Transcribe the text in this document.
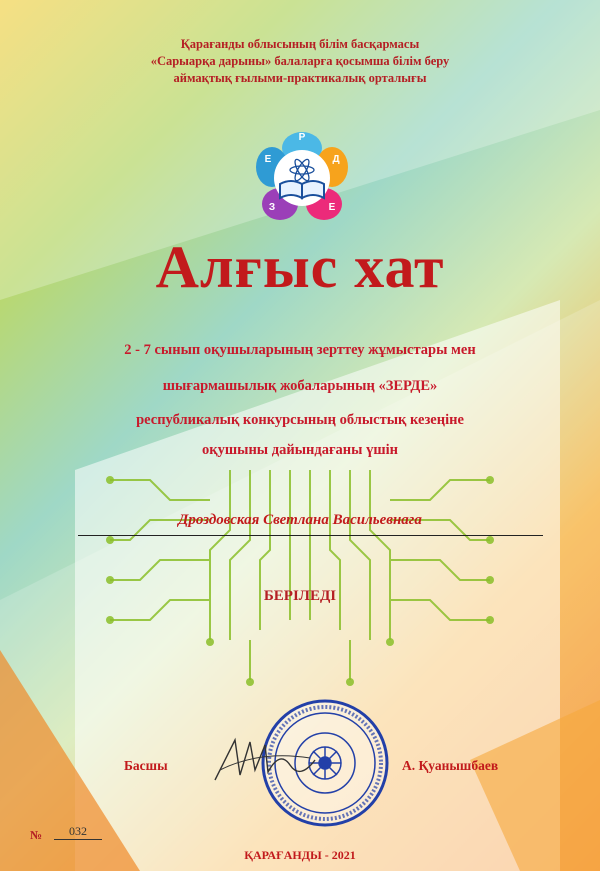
Қарағанды облысының білім басқармасы
«Сарыарқа дарыны» балаларға қосымша білім беру
аймақтық ғылыми-практикалық орталығы
Р
Д
Е
З
Е
Алғыс хат
2 - 7 сынып оқушыларының зерттеу жұмыстары мен
шығармашылық жобаларының «ЗЕРДЕ»
республикалық конкурсының облыстық кезеңіне
оқушыны дайындағаны үшін
Дроздовская Светлана Васильевнага
БЕРІЛЕДІ
Басшы	А. Қуанышбаев
№	032
ҚАРАҒАНДЫ - 2021
